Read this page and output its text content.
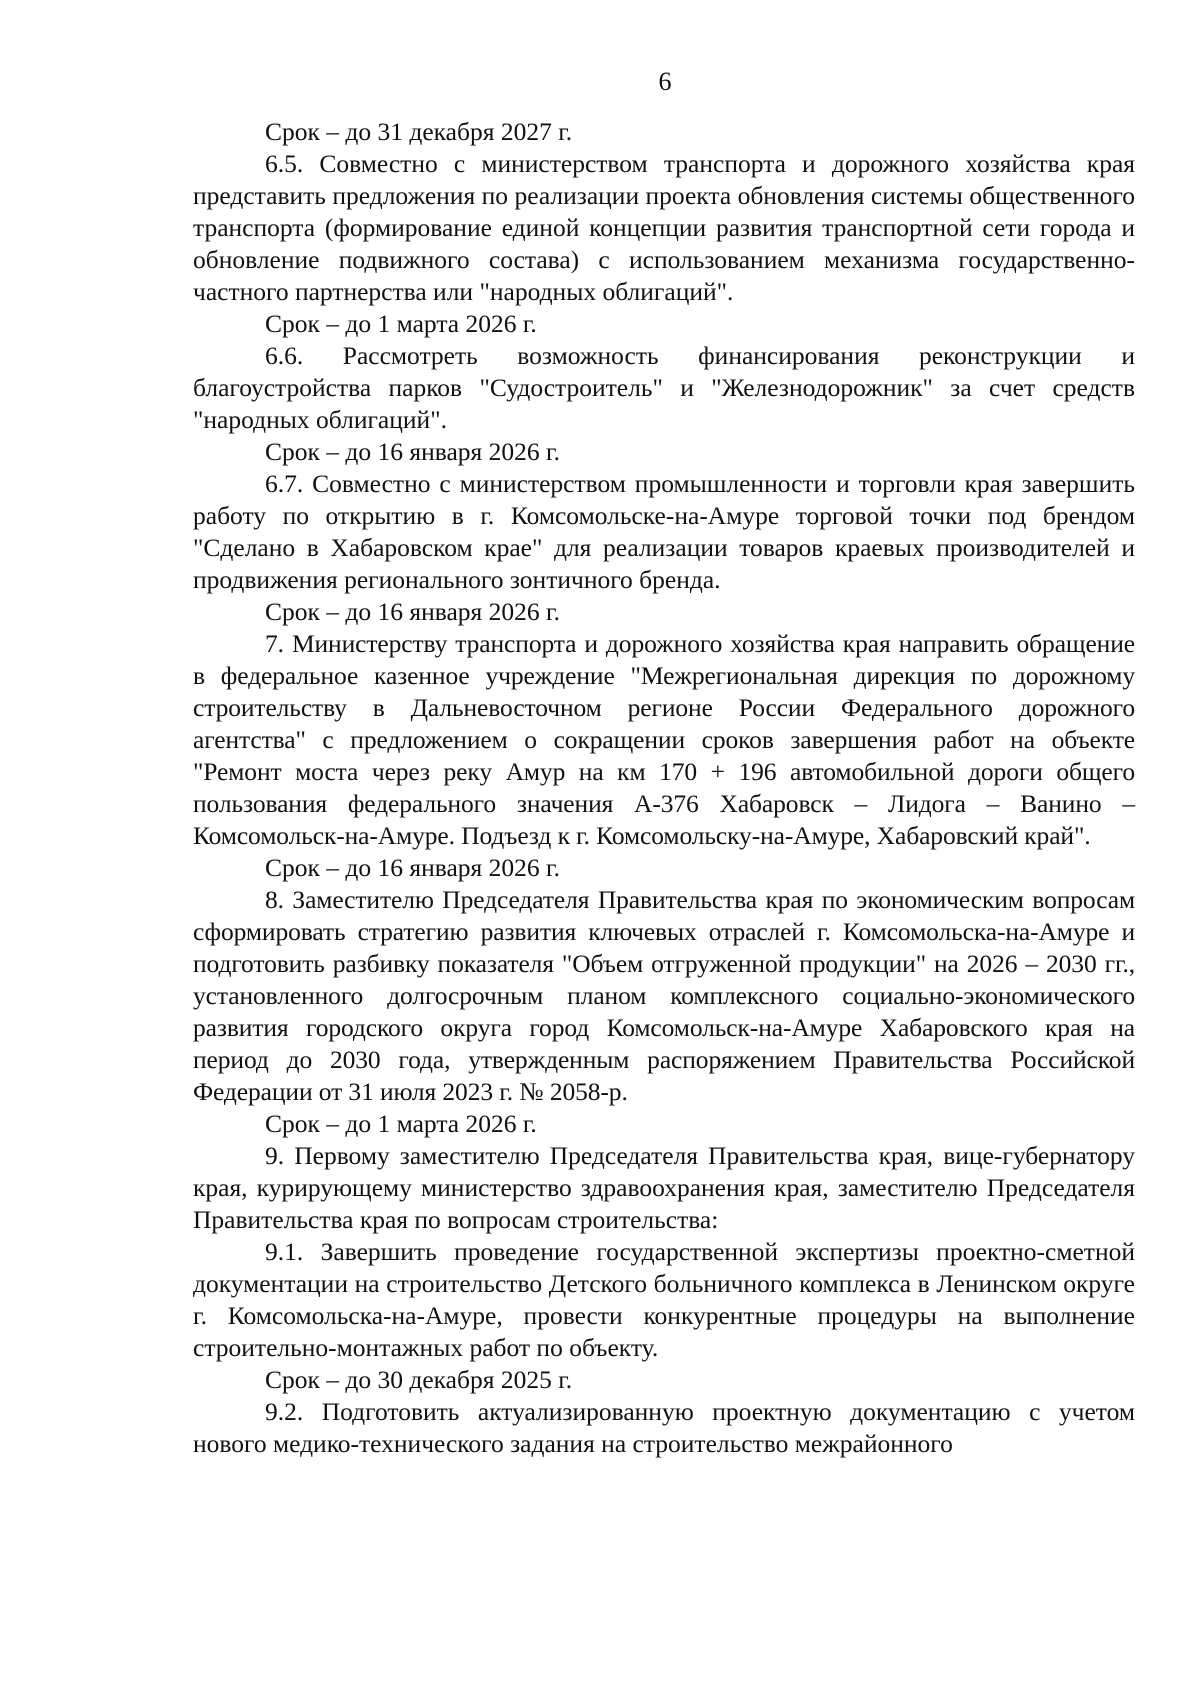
6

Срок – до 31 декабря 2027 г.

6.5. Совместно с министерством транспорта и дорожного хозяйства края представить предложения по реализации проекта обновления системы общественного транспорта (формирование единой концепции развития транспортной сети города и обновление подвижного состава) с использованием механизма государственно-частного партнерства или "народных облигаций".

Срок – до 1 марта 2026 г.

6.6. Рассмотреть возможность финансирования реконструкции и благоустройства парков "Судостроитель" и "Железнодорожник" за счет средств "народных облигаций".

Срок – до 16 января 2026 г.

6.7. Совместно с министерством промышленности и торговли края завершить работу по открытию в г. Комсомольске-на-Амуре торговой точки под брендом "Сделано в Хабаровском крае" для реализации товаров краевых производителей и продвижения регионального зонтичного бренда.

Срок – до 16 января 2026 г.

7. Министерству транспорта и дорожного хозяйства края направить обращение в федеральное казенное учреждение "Межрегиональная дирекция по дорожному строительству в Дальневосточном регионе России Федерального дорожного агентства" с предложением о сокращении сроков завершения работ на объекте "Ремонт моста через реку Амур на км 170 + 196 автомобильной дороги общего пользования федерального значения А-376 Хабаровск – Лидога – Ванино – Комсомольск-на-Амуре. Подъезд к г. Комсомольску-на-Амуре, Хабаровский край".

Срок – до 16 января 2026 г.

8. Заместителю Председателя Правительства края по экономическим вопросам сформировать стратегию развития ключевых отраслей г. Комсомольска-на-Амуре и подготовить разбивку показателя "Объем отгруженной продукции" на 2026 – 2030 гг., установленного долгосрочным планом комплексного социально-экономического развития городского округа город Комсомольск-на-Амуре Хабаровского края на период до 2030 года, утвержденным распоряжением Правительства Российской Федерации от 31 июля 2023 г. № 2058-р.

Срок – до 1 марта 2026 г.

9. Первому заместителю Председателя Правительства края, вице-губернатору края, курирующему министерство здравоохранения края, заместителю Председателя Правительства края по вопросам строительства:

9.1. Завершить проведение государственной экспертизы проектно-сметной документации на строительство Детского больничного комплекса в Ленинском округе г. Комсомольска-на-Амуре, провести конкурентные процедуры на выполнение строительно-монтажных работ по объекту.

Срок – до 30 декабря 2025 г.

9.2. Подготовить актуализированную проектную документацию с учетом нового медико-технического задания на строительство межрайонного
